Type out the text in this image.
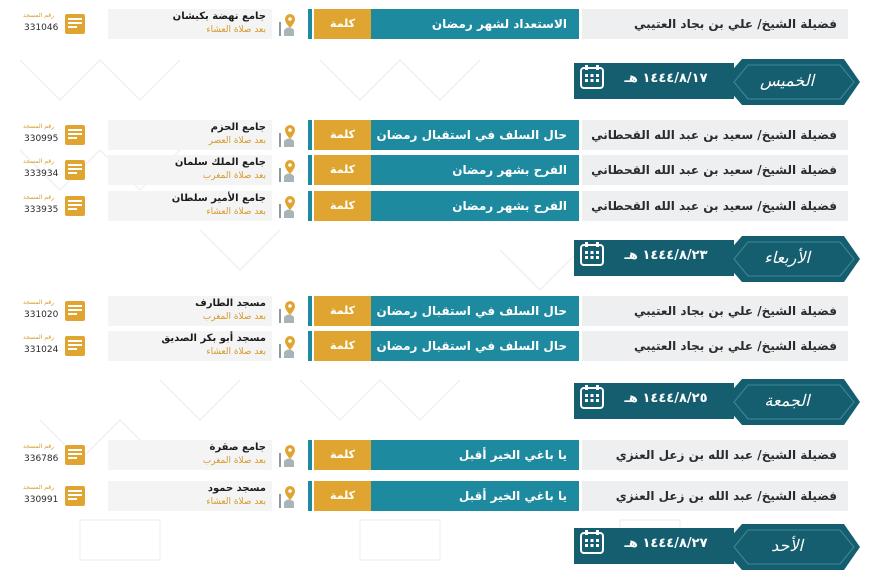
فضيلة الشيخ/ علي بن بجاد العتيبي
الاستعداد لشهر رمضان
كلمة
جامع نهضة بكبشان
بعد صلاة العشاء
رقم المسجد
331046
١٤٤٤/٨/١٧ هـ	الخميس
فضيلة الشيخ/ سعيد بن عبد الله القحطاني
حال السلف في استقبال رمضان
كلمة
جامع الحزم
بعد صلاة العصر
رقم المسجد
330995
فضيلة الشيخ/ سعيد بن عبد الله القحطاني
الفرح بشهر رمضان
كلمة
جامع الملك سلمان
بعد صلاة المغرب
رقم المسجد
333934
فضيلة الشيخ/ سعيد بن عبد الله القحطاني
الفرح بشهر رمضان
كلمة
جامع الأمير سلطان
بعد صلاة العشاء
رقم المسجد
333935
١٤٤٤/٨/٢٣ هـ	الأربعاء
فضيلة الشيخ/ علي بن بجاد العتيبي
حال السلف في استقبال رمضان
كلمة
مسجد الطارف
بعد صلاة المغرب
رقم المسجد
331020
فضيلة الشيخ/ علي بن بجاد العتيبي
حال السلف في استقبال رمضان
كلمة
مسجد أبو بكر الصديق
بعد صلاة العشاء
رقم المسجد
331024
١٤٤٤/٨/٢٥ هـ	الجمعة
فضيلة الشيخ/ عبد الله بن زعل العنزي
يا باغي الخير أقبل
كلمة
جامع صقرة
بعد صلاة المغرب
رقم المسجد
336786
فضيلة الشيخ/ عبد الله بن زعل العنزي
يا باغي الخير أقبل
كلمة
مسجد حمود
بعد صلاة العشاء
رقم المسجد
330991
١٤٤٤/٨/٢٧ هـ	الأحد
